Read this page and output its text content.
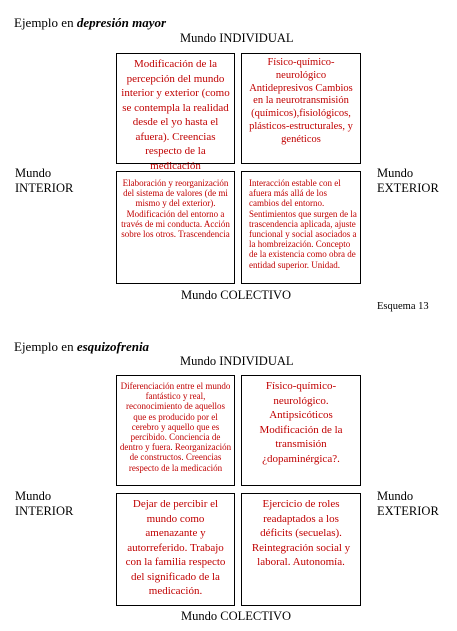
Ejemplo en depresión mayor
Mundo INDIVIDUAL
Modificación de la percepción del mundo interior y exterior (como se contempla la realidad desde el yo hasta el afuera). Creencias respecto de la medicación
Físico-químico-neurológico Antidepresivos Cambios en la neurotransmisión (químicos),fisiológicos, plásticos-estructurales, y genéticos
Mundo
INTERIOR
Mundo
EXTERIOR
Elaboración y reorganización del sistema de valores (de mi mismo y del exterior). Modificación del entorno a través de mi conducta. Acción sobre los otros. Trascendencia
Interacción estable con el afuera más allá de los cambios del entorno. Sentimientos que surgen de la trascendencia aplicada, ajuste funcional y social asociados a la hombreización. Concepto de la existencia como obra de entidad superior. Unidad.
Mundo COLECTIVO
Esquema 13
Ejemplo en esquizofrenia
Mundo INDIVIDUAL
Diferenciación entre el mundo fantástico y real, reconocimiento de aquellos que es producido por el cerebro y aquello que es percibido. Conciencia de dentro y fuera. Reorganización de constructos. Creencias respecto de la medicación
Físico-químico-neurológico. Antipsicóticos Modificación de la transmisión ¿dopaminérgica?.
Mundo
INTERIOR
Mundo
EXTERIOR
Dejar de percibir el mundo como amenazante y autorreferido. Trabajo con la familia respecto del significado de la medicación.
Ejercicio de roles readaptados a los déficits (secuelas). Reintegración social y laboral. Autonomía.
Mundo COLECTIVO
